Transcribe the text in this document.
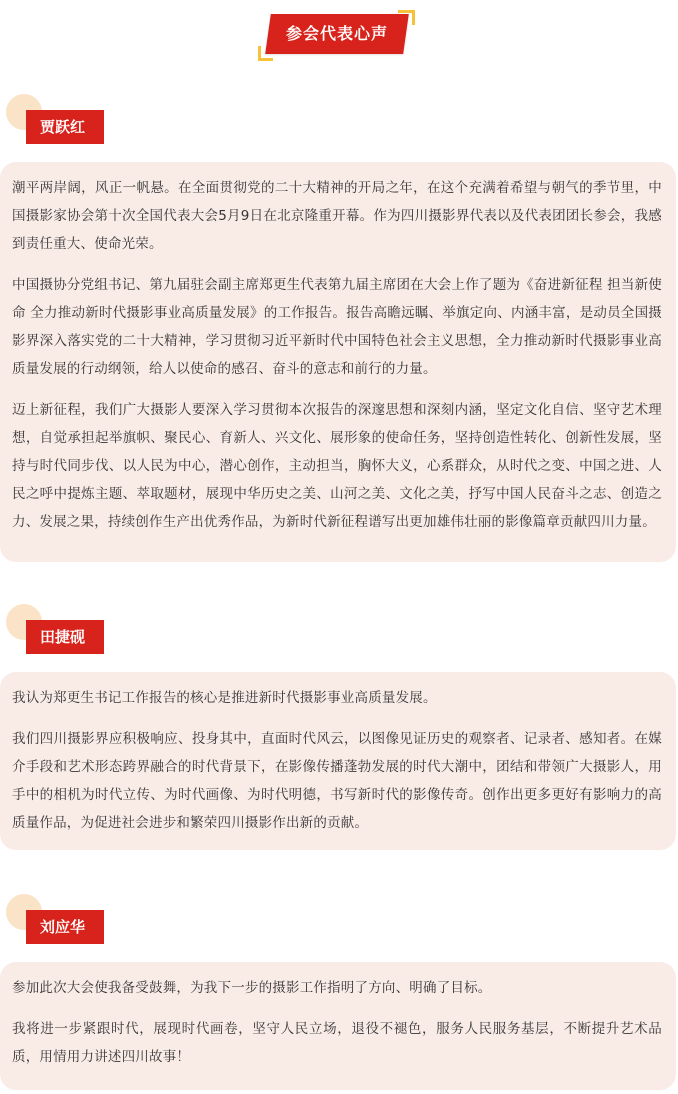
参会代表心声
贾跃红

潮平两岸阔，风正一帆悬。在全面贯彻党的二十大精神的开局之年，在这个充满着希望与朝气的季节里，中国摄影家协会第十次全国代表大会5月9日在北京隆重开幕。作为四川摄影界代表以及代表团团长参会，我感到责任重大、使命光荣。

中国摄协分党组书记、第九届驻会副主席郑更生代表第九届主席团在大会上作了题为《奋进新征程 担当新使命 全力推动新时代摄影事业高质量发展》的工作报告。报告高瞻远瞩、举旗定向、内涵丰富，是动员全国摄影界深入落实党的二十大精神，学习贯彻习近平新时代中国特色社会主义思想，全力推动新时代摄影事业高质量发展的行动纲领，给人以使命的感召、奋斗的意志和前行的力量。

迈上新征程，我们广大摄影人要深入学习贯彻本次报告的深邃思想和深刻内涵，坚定文化自信、坚守艺术理想，自觉承担起举旗帜、聚民心、育新人、兴文化、展形象的使命任务，坚持创造性转化、创新性发展，坚持与时代同步伐、以人民为中心，潜心创作，主动担当，胸怀大义，心系群众，从时代之变、中国之进、人民之呼中提炼主题、萃取题材，展现中华历史之美、山河之美、文化之美，抒写中国人民奋斗之志、创造之力、发展之果，持续创作生产出优秀作品，为新时代新征程谱写出更加雄伟壮丽的影像篇章贡献四川力量。

田捷砚

我认为郑更生书记工作报告的核心是推进新时代摄影事业高质量发展。

我们四川摄影界应积极响应、投身其中，直面时代风云，以图像见证历史的观察者、记录者、感知者。在媒介手段和艺术形态跨界融合的时代背景下，在影像传播蓬勃发展的时代大潮中，团结和带领广大摄影人，用手中的相机为时代立传、为时代画像、为时代明德，书写新时代的影像传奇。创作出更多更好有影响力的高质量作品，为促进社会进步和繁荣四川摄影作出新的贡献。

刘应华

参加此次大会使我备受鼓舞，为我下一步的摄影工作指明了方向、明确了目标。

我将进一步紧跟时代，展现时代画卷，坚守人民立场，退役不褪色，服务人民服务基层，不断提升艺术品质，用情用力讲述四川故事！
